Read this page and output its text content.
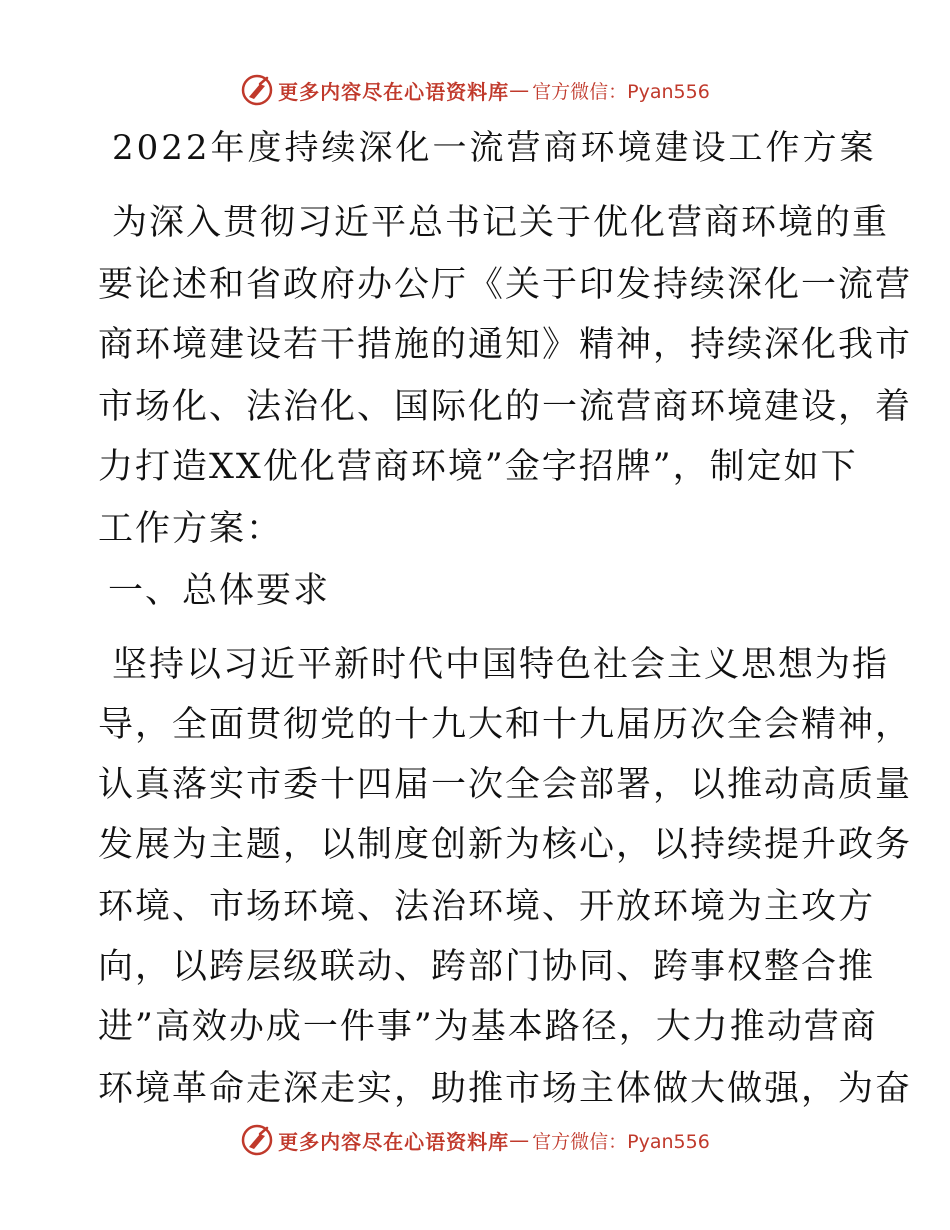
更多内容尽在心语资料库 — 官方微信：Pyan556
2022年度持续深化一流营商环境建设工作方案

为深入贯彻习近平总书记关于优化营商环境的重

要论述和省政府办公厅《关于印发持续深化一流营

商环境建设若干措施的通知》精神，持续深化我市

市场化、法治化、国际化的一流营商环境建设，着

力打造XX优化营商环境”金字招牌”，制定如下

工作方案：

一、总体要求

坚持以习近平新时代中国特色社会主义思想为指

导，全面贯彻党的十九大和十九届历次全会精神，

认真落实市委十四届一次全会部署，以推动高质量

发展为主题，以制度创新为核心，以持续提升政务

环境、市场环境、法治环境、开放环境为主攻方

向，以跨层级联动、跨部门协同、跨事权整合推

进”高效办成一件事”为基本路径，大力推动营商

环境革命走深走实，助推市场主体做大做强，为奋

更多内容尽在心语资料库 — 官方微信：Pyan556
